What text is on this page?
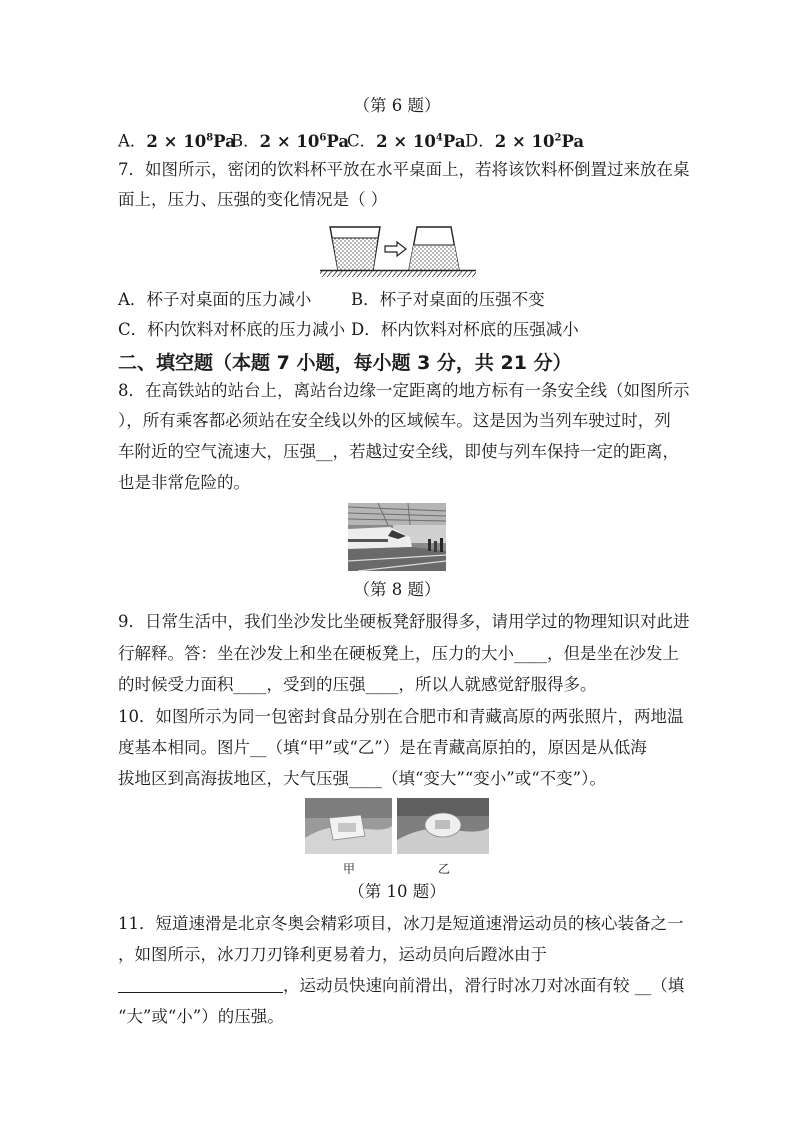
（第 6 题）
A．$2 \times 10^8PaB$．$2 \times 10^6PaC$．$2 \times 10^4PaD$．$2 \times 10^2Pa$
7．如图所示，密闭的饮料杯平放在水平桌面上，若将该饮料杯倒置过来放在桌
面上，压力、压强的变化情况是（ ）
A．杯子对桌面的压力减小 B．杯子对桌面的压强不变
C．杯内饮料对杯底的压力减小 D．杯内饮料对杯底的压强减小
二、填空题（本题 7 小题，每小题 3 分，共 21 分）
8．在高铁站的站台上，离站台边缘一定距离的地方标有一条安全线（如图所示
），所有乘客都必须站在安全线以外的区域候车。这是因为当列车驶过时，列
车附近的空气流速大，压强__，若越过安全线，即使与列车保持一定的距离，
也是非常危险的。
（第 8 题）
9．日常生活中，我们坐沙发比坐硬板凳舒服得多，请用学过的物理知识对此进
行解释。答：坐在沙发上和坐在硬板凳上，压力的大小____，但是坐在沙发上
的时候受力面积____，受到的压强____，所以人就感觉舒服得多。
10．如图所示为同一包密封食品分别在合肥市和青藏高原的两张照片，两地温
度基本相同。图片__（填“甲”或“乙”）是在青藏高原拍的，原因是从低海
拔地区到高海拔地区，大气压强____（填“变大”“变小”或“不变”）。
甲	乙
（第 10 题）
11．短道速滑是北京冬奥会精彩项目，冰刀是短道速滑运动员的核心装备之一
，如图所示，冰刀刀刃锋利更易着力，运动员向后蹬冰由于
，运动员快速向前滑出，滑行时冰刀对冰面有较 __（填
“大”或“小”）的压强。
